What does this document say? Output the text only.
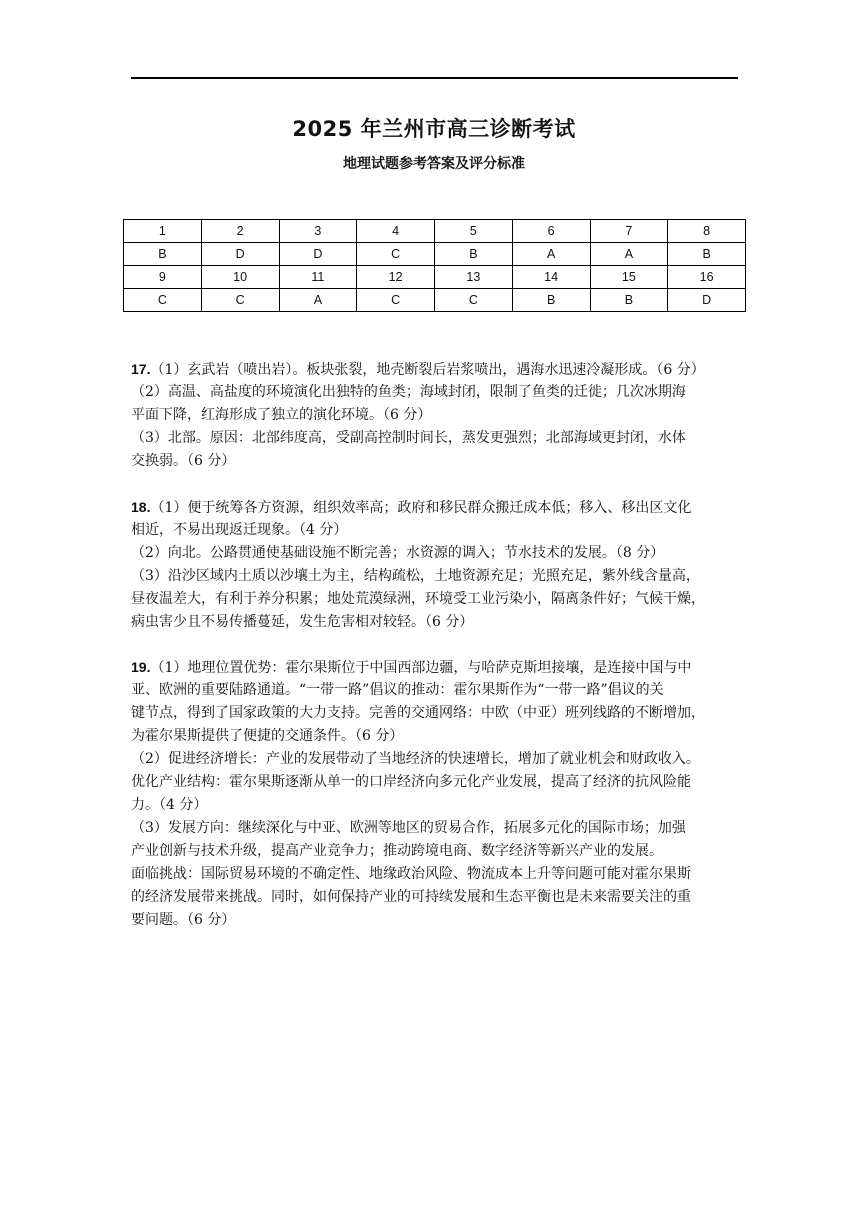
2025 年兰州市高三诊断考试
地理试题参考答案及评分标准
1	2	3	4	5	6	7	8
B	D	D	C	B	A	A	B
9	10	11	12	13	14	15	16
C	C	A	C	C	B	B	D
17.（1）玄武岩（喷出岩）。板块张裂，地壳断裂后岩浆喷出，遇海水迅速冷凝形成。（6 分）
（2）高温、高盐度的环境演化出独特的鱼类；海域封闭，限制了鱼类的迁徙；几次冰期海
平面下降，红海形成了独立的演化环境。（6 分）
（3）北部。原因：北部纬度高，受副高控制时间长，蒸发更强烈；北部海域更封闭，水体
交换弱。（6 分）
18.（1）便于统筹各方资源，组织效率高；政府和移民群众搬迁成本低；移入、移出区文化
相近，不易出现返迁现象。（4 分）
（2）向北。公路贯通使基础设施不断完善；水资源的调入；节水技术的发展。（8 分）
（3）沿沙区域内土质以沙壤土为主，结构疏松，土地资源充足；光照充足，紫外线含量高，
昼夜温差大，有利于养分积累；地处荒漠绿洲，环境受工业污染小，隔离条件好；气候干燥，
病虫害少且不易传播蔓延，发生危害相对较轻。（6 分）
19.（1）地理位置优势：霍尔果斯位于中国西部边疆，与哈萨克斯坦接壤，是连接中国与中
亚、欧洲的重要陆路通道。“一带一路”倡议的推动：霍尔果斯作为“一带一路”倡议的关
键节点，得到了国家政策的大力支持。完善的交通网络：中欧（中亚）班列线路的不断增加，
为霍尔果斯提供了便捷的交通条件。（6 分）
（2）促进经济增长：产业的发展带动了当地经济的快速增长，增加了就业机会和财政收入。
优化产业结构：霍尔果斯逐渐从单一的口岸经济向多元化产业发展，提高了经济的抗风险能
力。（4 分）
（3）发展方向：继续深化与中亚、欧洲等地区的贸易合作，拓展多元化的国际市场；加强
产业创新与技术升级，提高产业竞争力；推动跨境电商、数字经济等新兴产业的发展。
面临挑战：国际贸易环境的不确定性、地缘政治风险、物流成本上升等问题可能对霍尔果斯
的经济发展带来挑战。同时，如何保持产业的可持续发展和生态平衡也是未来需要关注的重
要问题。（6 分）
